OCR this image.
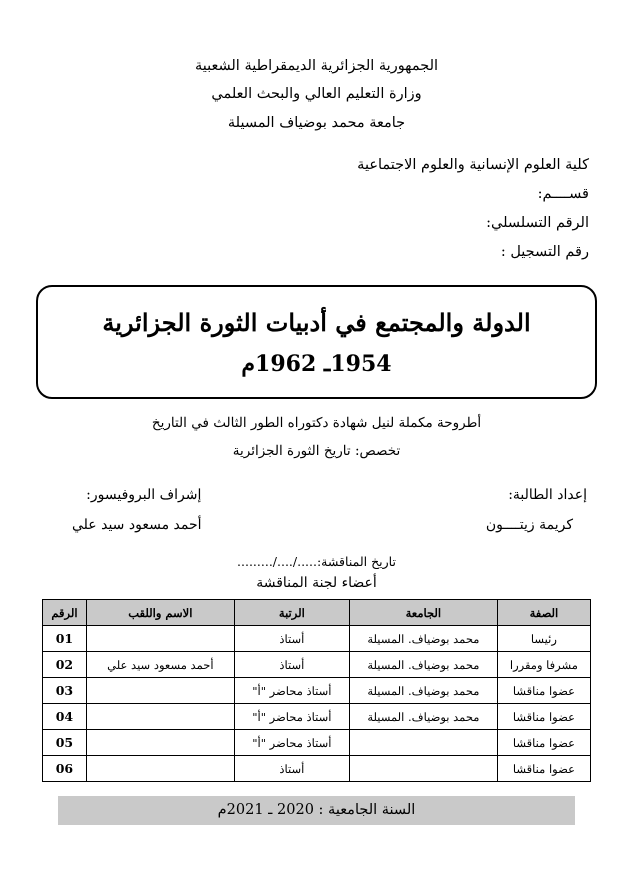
الجمهورية الجزائرية الديمقراطية الشعبية
وزارة التعليم العالي والبحث العلمي
جامعة محمد بوضياف المسيلة
كلية العلوم الإنسانية والعلوم الاجتماعية
قســــم:
الرقم التسلسلي:
رقم التسجيل :
الدولة والمجتمع في أدبيات الثورة الجزائرية
1954ـ 1962م
أطروحة مكملة لنيل شهادة دكتوراه الطور الثالث في التاريخ
تخصص: تاريخ الثورة الجزائرية
إعداد الطالبة:
كريمة زيتــــون
إشراف البروفيسور:
أحمد مسعود سيد علي
تاريخ المناقشة:...../..../.........
أعضاء لجنة المناقشة
الصفة	الجامعة	الرتبة	الاسم واللقب	الرقم
رئيسا	محمد بوضياف. المسيلة	أستاذ		01
مشرفا ومقررا	محمد بوضياف. المسيلة	أستاذ	أحمد مسعود سيد علي	02
عضوا مناقشا	محمد بوضياف. المسيلة	أستاذ محاضر "أ"		03
عضوا مناقشا	محمد بوضياف. المسيلة	أستاذ محاضر "أ"		04
عضوا مناقشا		أستاذ محاضر "أ"		05
عضوا مناقشا		أستاذ		06
السنة الجامعية : 2020 ـ 2021م
